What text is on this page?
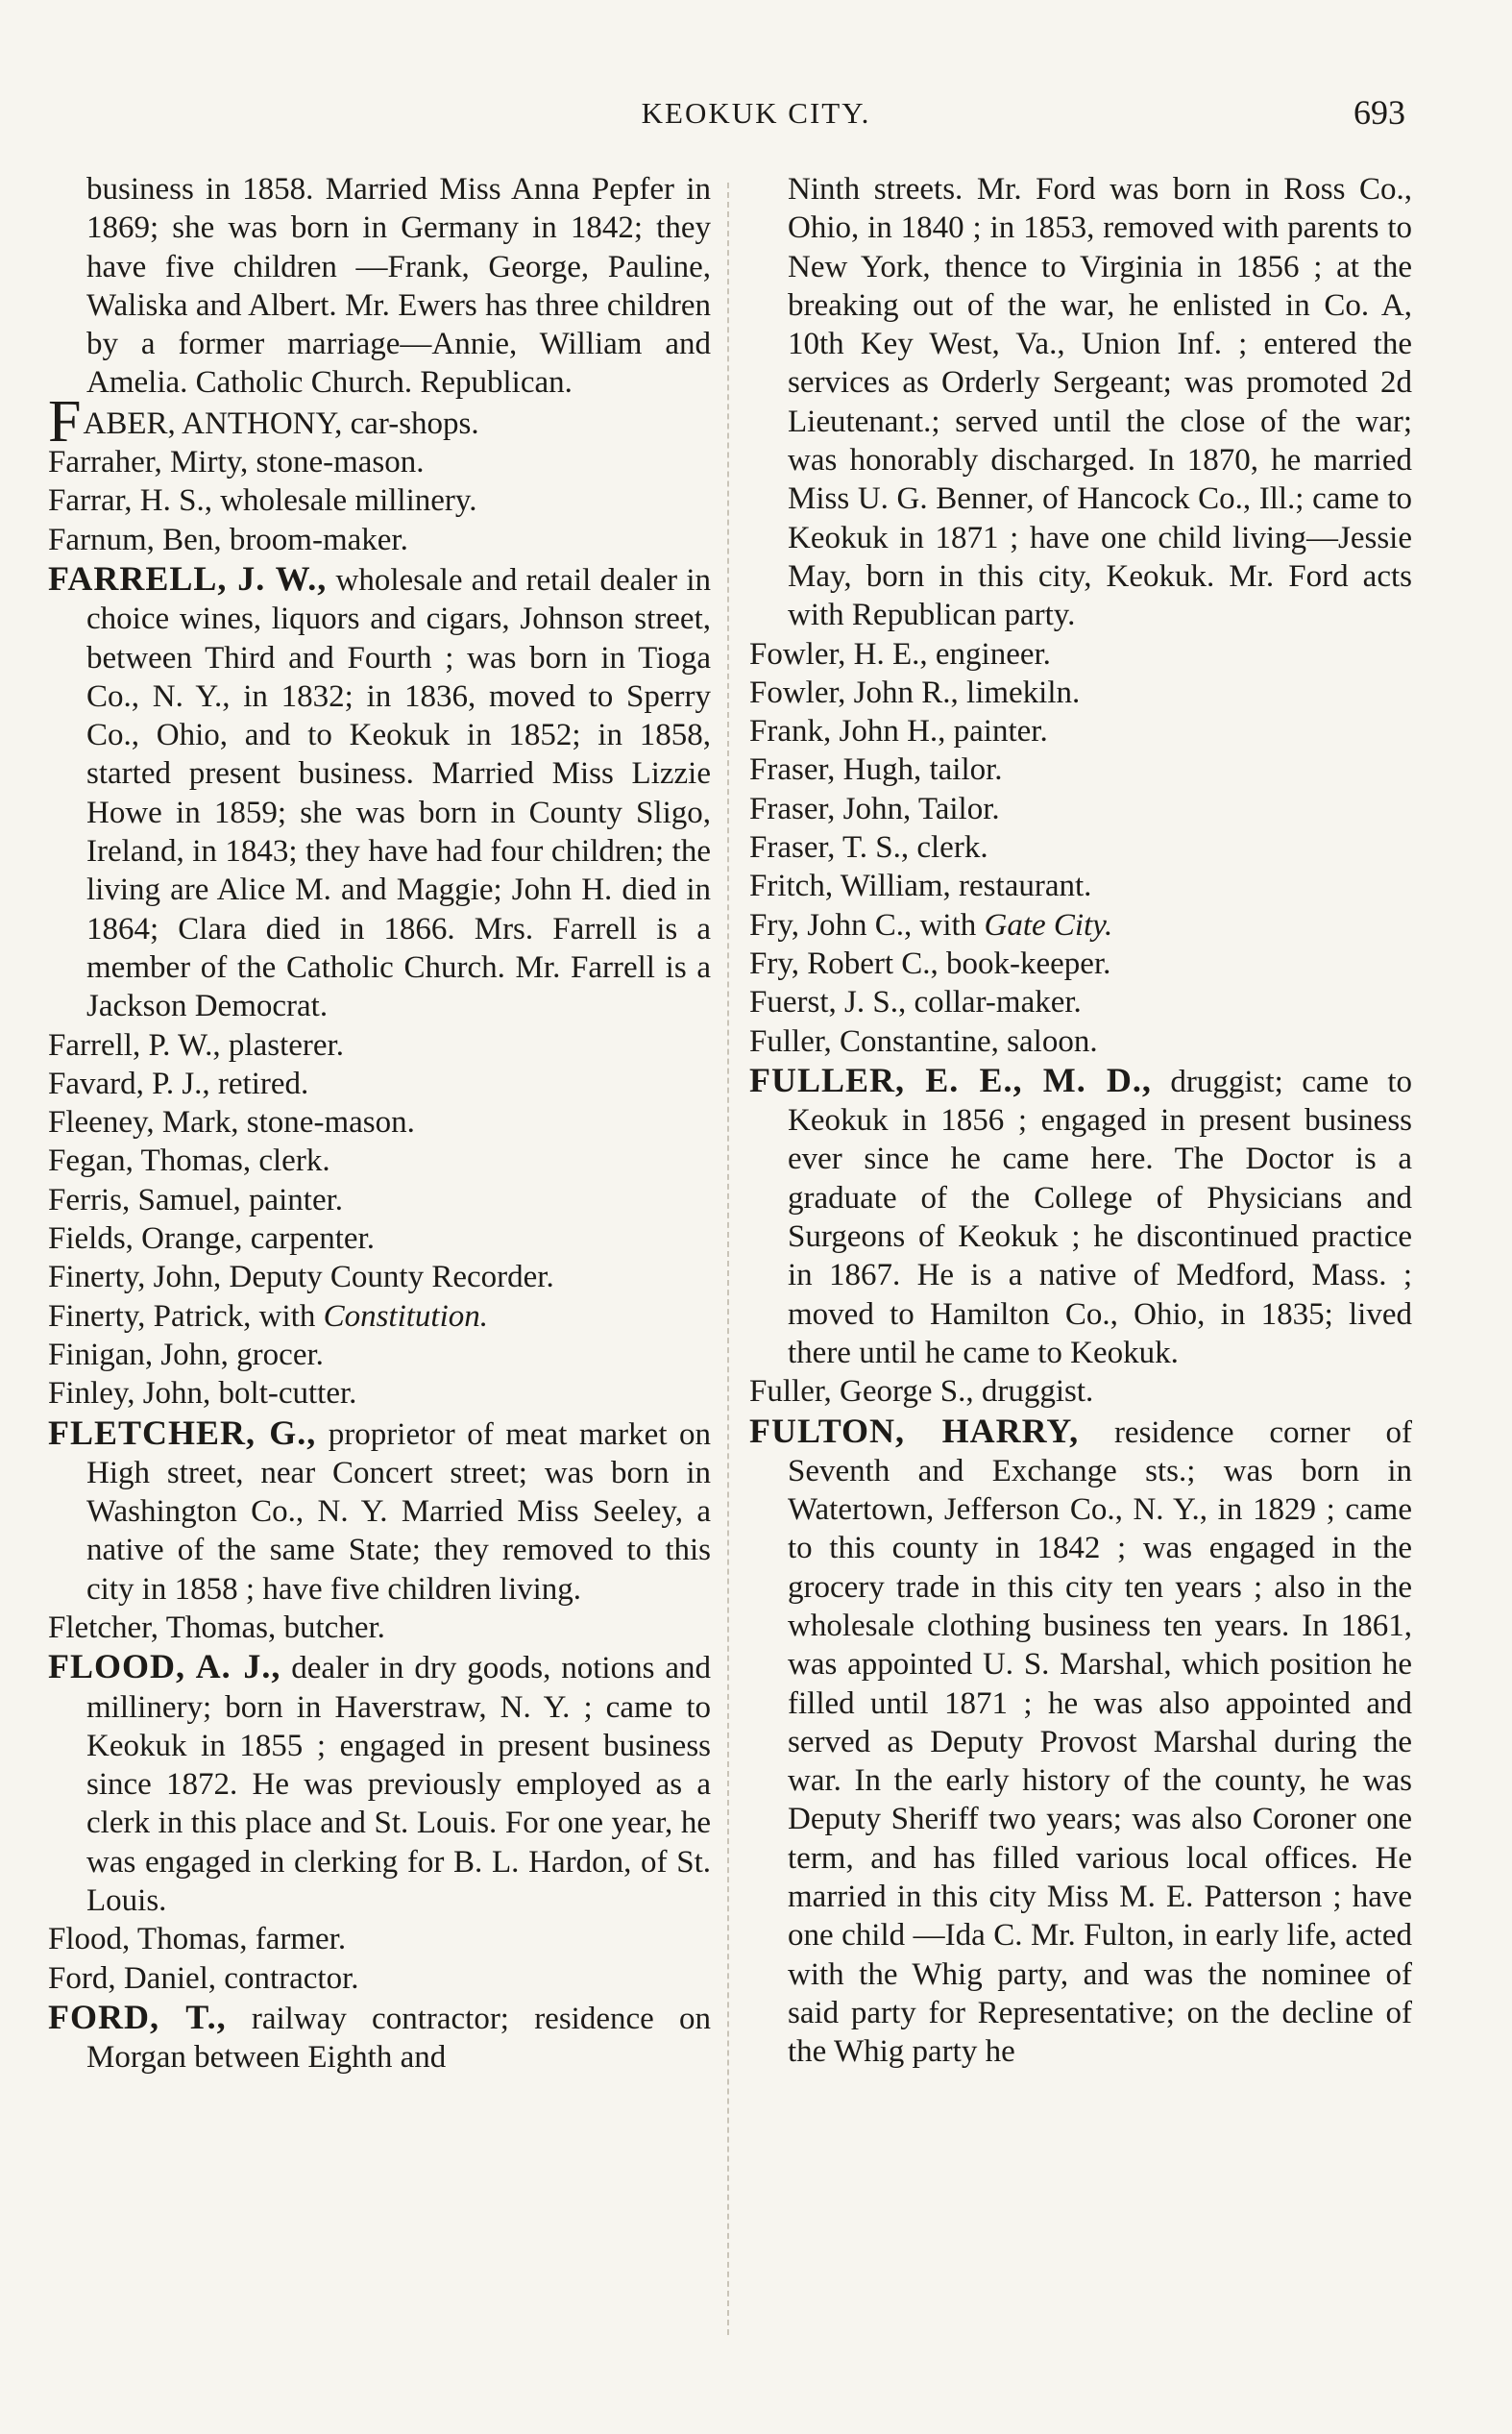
KEOKUK CITY.	693

business in 1858. Married Miss Anna Pepfer in 1869; she was born in Germany in 1842; they have five children —Frank, George, Pauline, Waliska and Albert. Mr. Ewers has three children by a former marriage—Annie, William and Amelia. Catholic Church. Republican.

FABER, ANTHONY, car-shops.

Farraher, Mirty, stone-mason.

Farrar, H. S., wholesale millinery.

Farnum, Ben, broom-maker.

FARRELL, J. W., wholesale and retail dealer in choice wines, liquors and cigars, Johnson street, between Third and Fourth ; was born in Tioga Co., N. Y., in 1832; in 1836, moved to Sperry Co., Ohio, and to Keokuk in 1852; in 1858, started present business. Married Miss Lizzie Howe in 1859; she was born in County Sligo, Ireland, in 1843; they have had four children; the living are Alice M. and Maggie; John H. died in 1864; Clara died in 1866. Mrs. Farrell is a member of the Catholic Church. Mr. Farrell is a Jackson Democrat.

Farrell, P. W., plasterer.

Favard, P. J., retired.

Fleeney, Mark, stone-mason.

Fegan, Thomas, clerk.

Ferris, Samuel, painter.

Fields, Orange, carpenter.

Finerty, John, Deputy County Recorder.

Finerty, Patrick, with Constitution.

Finigan, John, grocer.

Finley, John, bolt-cutter.

FLETCHER, G., proprietor of meat market on High street, near Concert street; was born in Washington Co., N. Y. Married Miss Seeley, a native of the same State; they removed to this city in 1858 ; have five children living.

Fletcher, Thomas, butcher.

FLOOD, A. J., dealer in dry goods, notions and millinery; born in Haverstraw, N. Y. ; came to Keokuk in 1855 ; engaged in present business since 1872. He was previously employed as a clerk in this place and St. Louis. For one year, he was engaged in clerking for B. L. Hardon, of St. Louis.

Flood, Thomas, farmer.

Ford, Daniel, contractor.

FORD, T., railway contractor; residence on Morgan between Eighth and

Ninth streets. Mr. Ford was born in Ross Co., Ohio, in 1840 ; in 1853, removed with parents to New York, thence to Virginia in 1856 ; at the breaking out of the war, he enlisted in Co. A, 10th Key West, Va., Union Inf. ; entered the services as Orderly Sergeant; was promoted 2d Lieutenant.; served until the close of the war; was honorably discharged. In 1870, he married Miss U. G. Benner, of Hancock Co., Ill.; came to Keokuk in 1871 ; have one child living—Jessie May, born in this city, Keokuk. Mr. Ford acts with Republican party.

Fowler, H. E., engineer.

Fowler, John R., limekiln.

Frank, John H., painter.

Fraser, Hugh, tailor.

Fraser, John, Tailor.

Fraser, T. S., clerk.

Fritch, William, restaurant.

Fry, John C., with Gate City.

Fry, Robert C., book-keeper.

Fuerst, J. S., collar-maker.

Fuller, Constantine, saloon.

FULLER, E. E., M. D., druggist; came to Keokuk in 1856 ; engaged in present business ever since he came here. The Doctor is a graduate of the College of Physicians and Surgeons of Keokuk ; he discontinued practice in 1867. He is a native of Medford, Mass. ; moved to Hamilton Co., Ohio, in 1835; lived there until he came to Keokuk.

Fuller, George S., druggist.

FULTON, HARRY, residence corner of Seventh and Exchange sts.; was born in Watertown, Jefferson Co., N. Y., in 1829 ; came to this county in 1842 ; was engaged in the grocery trade in this city ten years ; also in the wholesale clothing business ten years. In 1861, was appointed U. S. Marshal, which position he filled until 1871 ; he was also appointed and served as Deputy Provost Marshal during the war. In the early history of the county, he was Deputy Sheriff two years; was also Coroner one term, and has filled various local offices. He married in this city Miss M. E. Patterson ; have one child —Ida C. Mr. Fulton, in early life, acted with the Whig party, and was the nominee of said party for Representative; on the decline of the Whig party he
